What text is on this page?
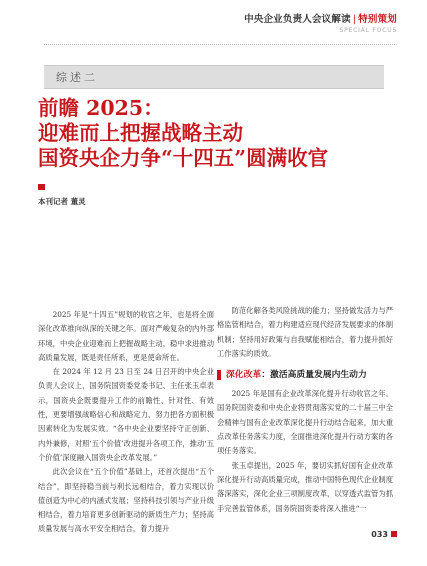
中央企业负责人会议解读 | 特别策划
SPECIAL FOCUS
综述二
前瞻 2025：
迎难而上把握战略主动
国资央企力争“十四五”圆满收官
本刊记者 董灵

2025 年是“十四五”规划的收官之年，也是将全面深化改革推向纵深的关键之年。面对严峻复杂的内外部环境，中央企业迎难而上把握战略主动，稳中求进推动高质量发展，既是责任所系，更是使命所在。

在 2024 年 12 月 23 日至 24 日召开的中央企业负责人会议上，国务院国资委党委书记、主任张玉卓表示，国资央企既要提升工作的前瞻性、针对性、有效性，更要增强战略信心和战略定力，努力把各方面积极因素转化为发展实效。“各中央企业要坚持守正创新、内外兼修，对照‘五个价值’改进提升各项工作，推动‘五个价值’深度融入国资央企改革发展。”

此次会议在“五个价值”基础上，还首次提出“五个结合”，即坚持稳当前与利长远相结合，着力实现以价值创造为中心的内涵式发展；坚持科技引领与产业升级相结合，着力培育更多创新驱动的新质生产力；坚持高质量发展与高水平安全相结合，着力提升

防范化解各类风险挑战的能力；坚持做发活力与严格监管相结合，着力构建适应现代经济发展要求的体制机制；坚持用好政策与自我赋能相结合，着力提升抓好工作落实的质效。

深化改革：激活高质量发展内生动力

2025 年是国有企业改革深化提升行动收官之年。国务院国资委和中央企业将贯彻落实党的二十届三中全会精神与国有企业改革深化提升行动结合起来，加大重点改革任务落实力度，全面推进深化提升行动方案的各项任务落实。

张玉卓提出，2025 年，要切实抓好国有企业改革深化提升行动高质量完成，推动中国特色现代企业制度落深落实，深化企业三项制度改革，以穿透式监管为抓手完善监管体系，国务院国资委将深入推进“一

033
